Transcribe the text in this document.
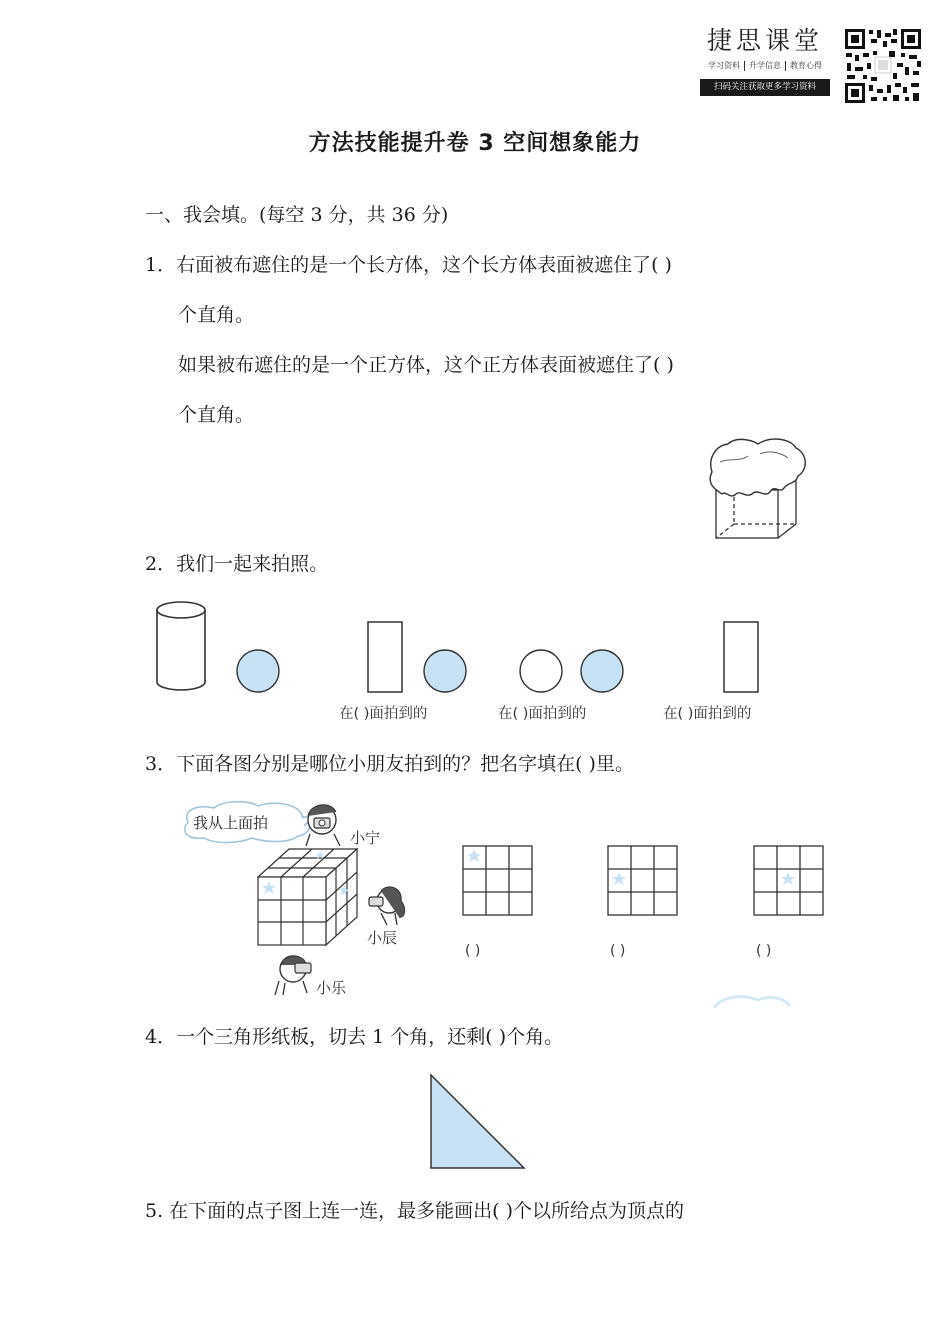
捷思课堂
学习资料	升学信息	教育心得
扫码关注获取更多学习资料
方法技能提升卷 3 空间想象能力
一、我会填。(每空 3 分，共 36 分)
1．右面被布遮住的是一个长方体，这个长方体表面被遮住了( )
个直角。
如果被布遮住的是一个正方体，这个正方体表面被遮住了( )
个直角。
2．我们一起来拍照。
在( )面拍到的	在( )面拍到的	在( )面拍到的
3．下面各图分别是哪位小朋友拍到的？把名字填在( )里。
我从上面拍
小宁
小辰
小乐
( )	( )	( )
4．一个三角形纸板，切去 1 个角，还剩( )个角。
5. 在下面的点子图上连一连，最多能画出( )个以所给点为顶点的
